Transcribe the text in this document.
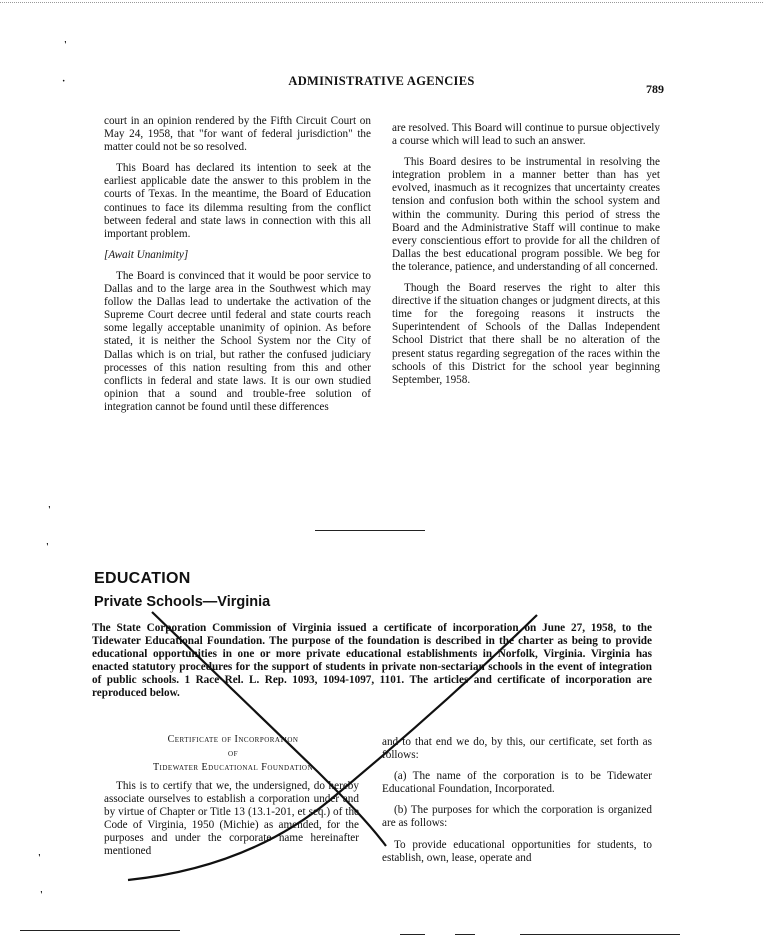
ADMINISTRATIVE AGENCIES
789
'
·
'
'
'
'

court in an opinion rendered by the Fifth Circuit Court on May 24, 1958, that "for want of federal jurisdiction" the matter could not be so resolved.

This Board has declared its intention to seek at the earliest applicable date the answer to this problem in the courts of Texas. In the meantime, the Board of Education continues to face its dilemma resulting from the conflict between federal and state laws in connection with this all important problem.

[Await Unanimity]

The Board is convinced that it would be poor service to Dallas and to the large area in the Southwest which may follow the Dallas lead to undertake the activation of the Supreme Court decree until federal and state courts reach some legally acceptable unanimity of opinion. As before stated, it is neither the School System nor the City of Dallas which is on trial, but rather the confused judiciary processes of this nation resulting from this and other conflicts in federal and state laws. It is our own studied opinion that a sound and trouble-free solution of integration cannot be found until these differences

are resolved. This Board will continue to pursue objectively a course which will lead to such an answer.

This Board desires to be instrumental in resolving the integration problem in a manner better than has yet evolved, inasmuch as it recognizes that uncertainty creates tension and confusion both within the school system and within the community. During this period of stress the Board and the Administrative Staff will continue to make every conscientious effort to provide for all the children of Dallas the best educational program possible. We beg for the tolerance, patience, and understanding of all concerned.

Though the Board reserves the right to alter this directive if the situation changes or judgment directs, at this time for the foregoing reasons it instructs the Superintendent of Schools of the Dallas Independent School District that there shall be no alteration of the present status regarding segregation of the races within the schools of this District for the school year beginning September, 1958.

EDUCATION
Private Schools—Virginia
The State Corporation Commission of Virginia issued a certificate of incorporation on June 27, 1958, to the Tidewater Educational Foundation. The purpose of the foundation is described in the charter as being to provide educational opportunities in one or more private educational establishments in Norfolk, Virginia. Virginia has enacted statutory procedures for the support of students in private non-sectarian schools in the event of integration of public schools. 1 Race Rel. L. Rep. 1093, 1094-1097, 1101. The articles and certificate of incorporation are reproduced below.
Certificate of Incorporation
of
Tidewater Educational Foundation

This is to certify that we, the undersigned, do hereby associate ourselves to establish a corporation under and by virtue of Chapter or Title 13 (13.1-201, et seq.) of the Code of Virginia, 1950 (Michie) as amended, for the purposes and under the corporate name hereinafter mentioned

and to that end we do, by this, our certificate, set forth as follows:

(a) The name of the corporation is to be Tidewater Educational Foundation, Incorporated.

(b) The purposes for which the corporation is organized are as follows:

To provide educational opportunities for students, to establish, own, lease, operate and
